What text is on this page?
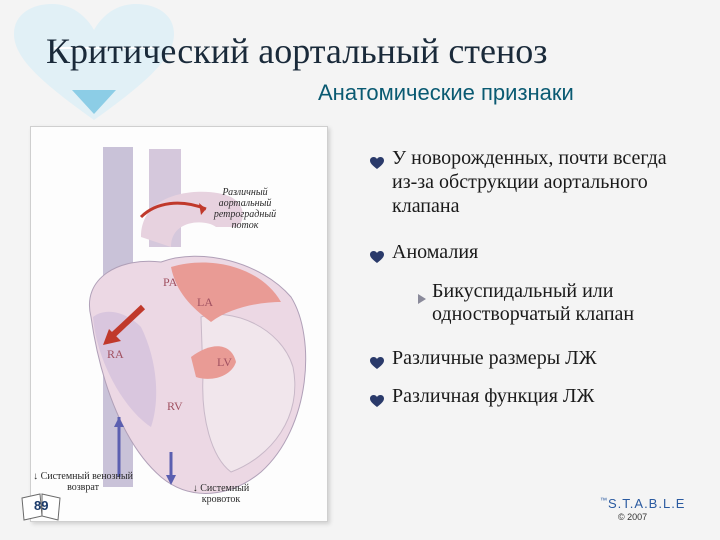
Критический аортальный стеноз
Анатомические признаки
Различный аортальный ретроградный поток
↓ Системный венозный возврат	↓ Системный кровоток
PA
LA
RA
LV
RV
У новорожденных, почти всегда из-за обструкции аортального клапана
Аномалия
Бикуспидальный или одностворчатый клапан
Различные размеры ЛЖ
Различная функция ЛЖ
89	™S.T.A.B.L.E
© 2007
